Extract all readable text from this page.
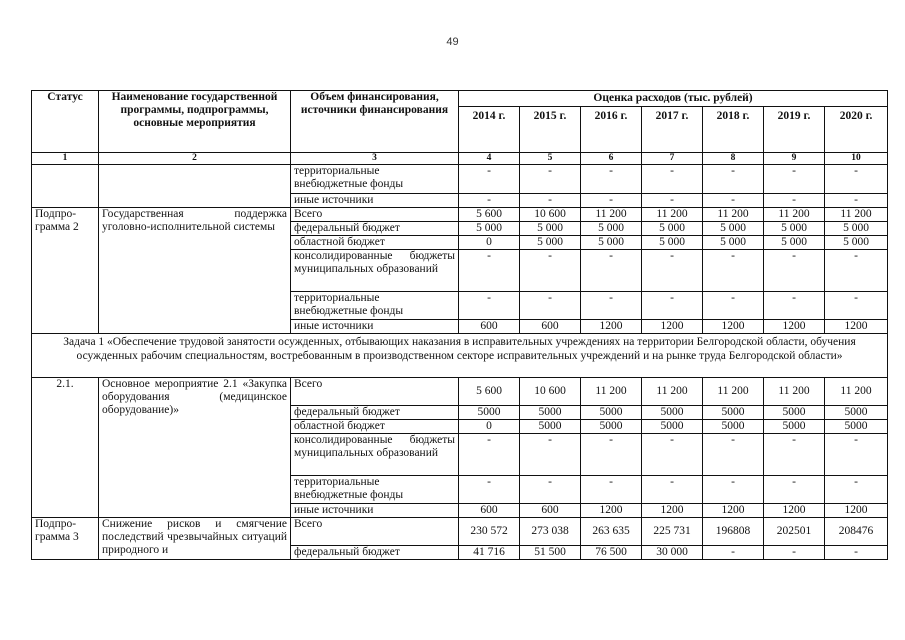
49
Статус	Наименование государственной программы, подпрограммы, основные мероприятия	Объем финансирования, источники финансирования	Оценка расходов (тыс. рублей)						
			2014 г.	2015 г.	2016 г.	2017 г.	2018 г.	2019 г.	2020 г.
1	2	3	4	5	6	7	8	9	10
		территориальные внебюджетные фонды	-	-	-	-	-	-	-
		иные источники	-	-	-	-	-	-	-
Подпро-грамма 2	Государственная поддержка уголовно-исполнительной системы	Всего	5 600	10 600	11 200	11 200	11 200	11 200	11 200
		федеральный бюджет	5 000	5 000	5 000	5 000	5 000	5 000	5 000
		областной бюджет	0	5 000	5 000	5 000	5 000	5 000	5 000
		консолидированные бюджеты муниципальных образований	-	-	-	-	-	-	-
		территориальные внебюджетные фонды	-	-	-	-	-	-	-
		иные источники	600	600	1200	1200	1200	1200	1200
Задача 1 «Обеспечение трудовой занятости осужденных, отбывающих наказания в исправительных учреждениях на территории Белгородской области, обучения осужденных рабочим специальностям, востребованным в производственном секторе исправительных учреждений и на рынке труда Белгородской области»									
2.1.	Основное мероприятие 2.1 «Закупка оборудования (медицинское оборудование)»	Всего	5 600	10 600	11 200	11 200	11 200	11 200	11 200
		федеральный бюджет	5000	5000	5000	5000	5000	5000	5000
		областной бюджет	0	5000	5000	5000	5000	5000	5000
		консолидированные бюджеты муниципальных образований	-	-	-	-	-	-	-
		территориальные внебюджетные фонды	-	-	-	-	-	-	-
		иные источники	600	600	1200	1200	1200	1200	1200
Подпро-грамма 3	Снижение рисков и смягчение последствий чрезвычайных ситуаций природного и	Всего	230 572	273 038	263 635	225 731	196808	202501	208476
		федеральный бюджет	41 716	51 500	76 500	30 000	-	-	-
